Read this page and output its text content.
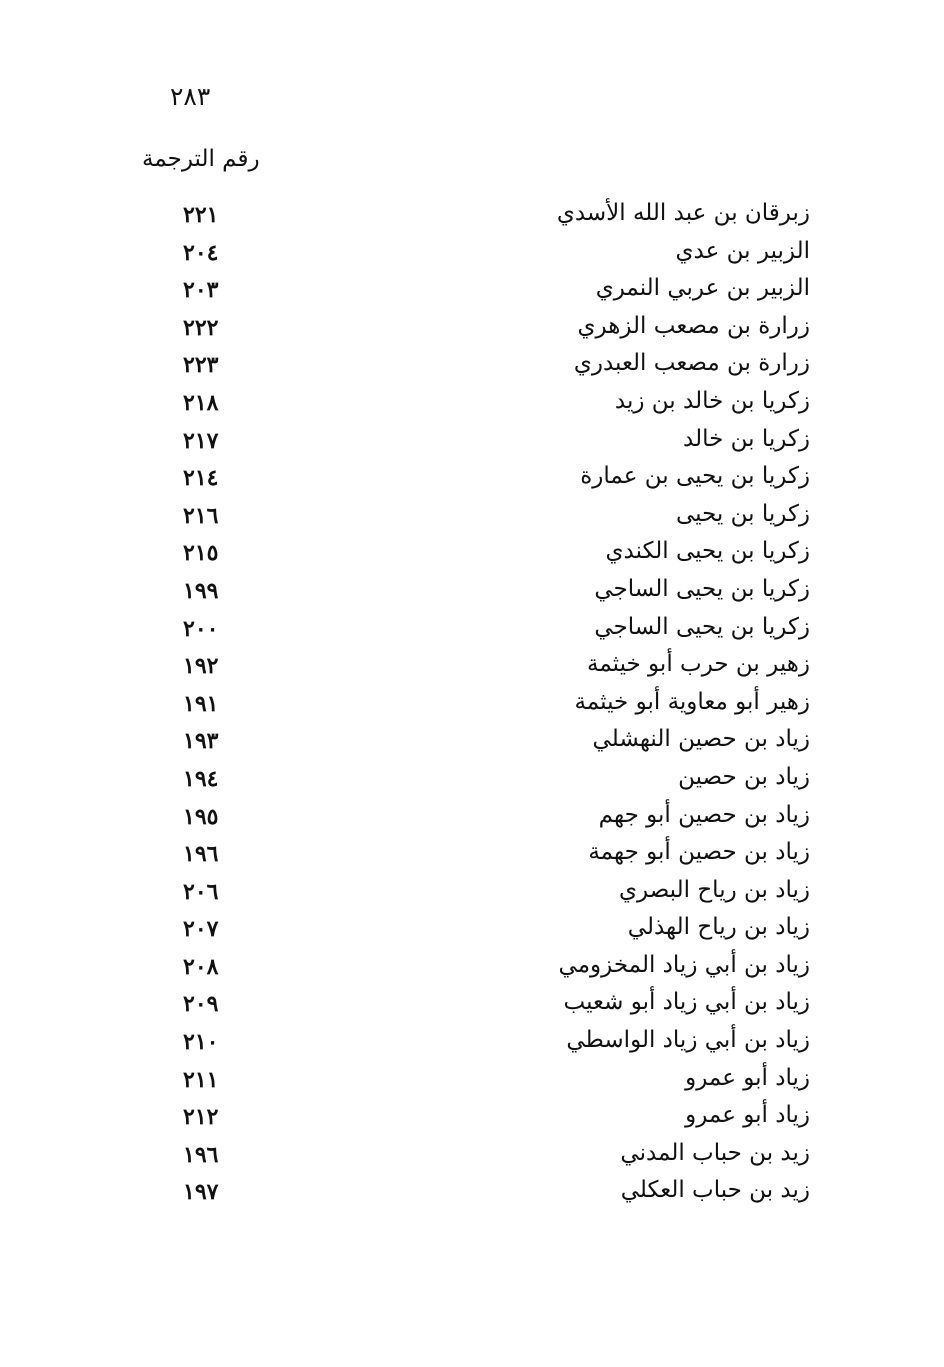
٢٨٣
رقم الترجمة
زبرقان بن عبد الله الأسدي
٢٢١
الزبير بن عدي
٢٠٤
الزبير بن عربي النمري
٢٠٣
زرارة بن مصعب الزهري
٢٢٢
زرارة بن مصعب العبدري
٢٢٣
زكريا بن خالد بن زيد
٢١٨
زكريا بن خالد
٢١٧
زكريا بن يحيى بن عمارة
٢١٤
زكريا بن يحيى
٢١٦
زكريا بن يحيى الكندي
٢١٥
زكريا بن يحيى الساجي
١٩٩
زكريا بن يحيى الساجي
٢٠٠
زهير بن حرب أبو خيثمة
١٩٢
زهير أبو معاوية أبو خيثمة
١٩١
زياد بن حصين النهشلي
١٩٣
زياد بن حصين
١٩٤
زياد بن حصين أبو جهم
١٩٥
زياد بن حصين أبو جهمة
١٩٦
زياد بن رياح البصري
٢٠٦
زياد بن رياح الهذلي
٢٠٧
زياد بن أبي زياد المخزومي
٢٠٨
زياد بن أبي زياد أبو شعيب
٢٠٩
زياد بن أبي زياد الواسطي
٢١٠
زياد أبو عمرو
٢١١
زياد أبو عمرو
٢١٢
زيد بن حباب المدني
١٩٦
زيد بن حباب العكلي
١٩٧
